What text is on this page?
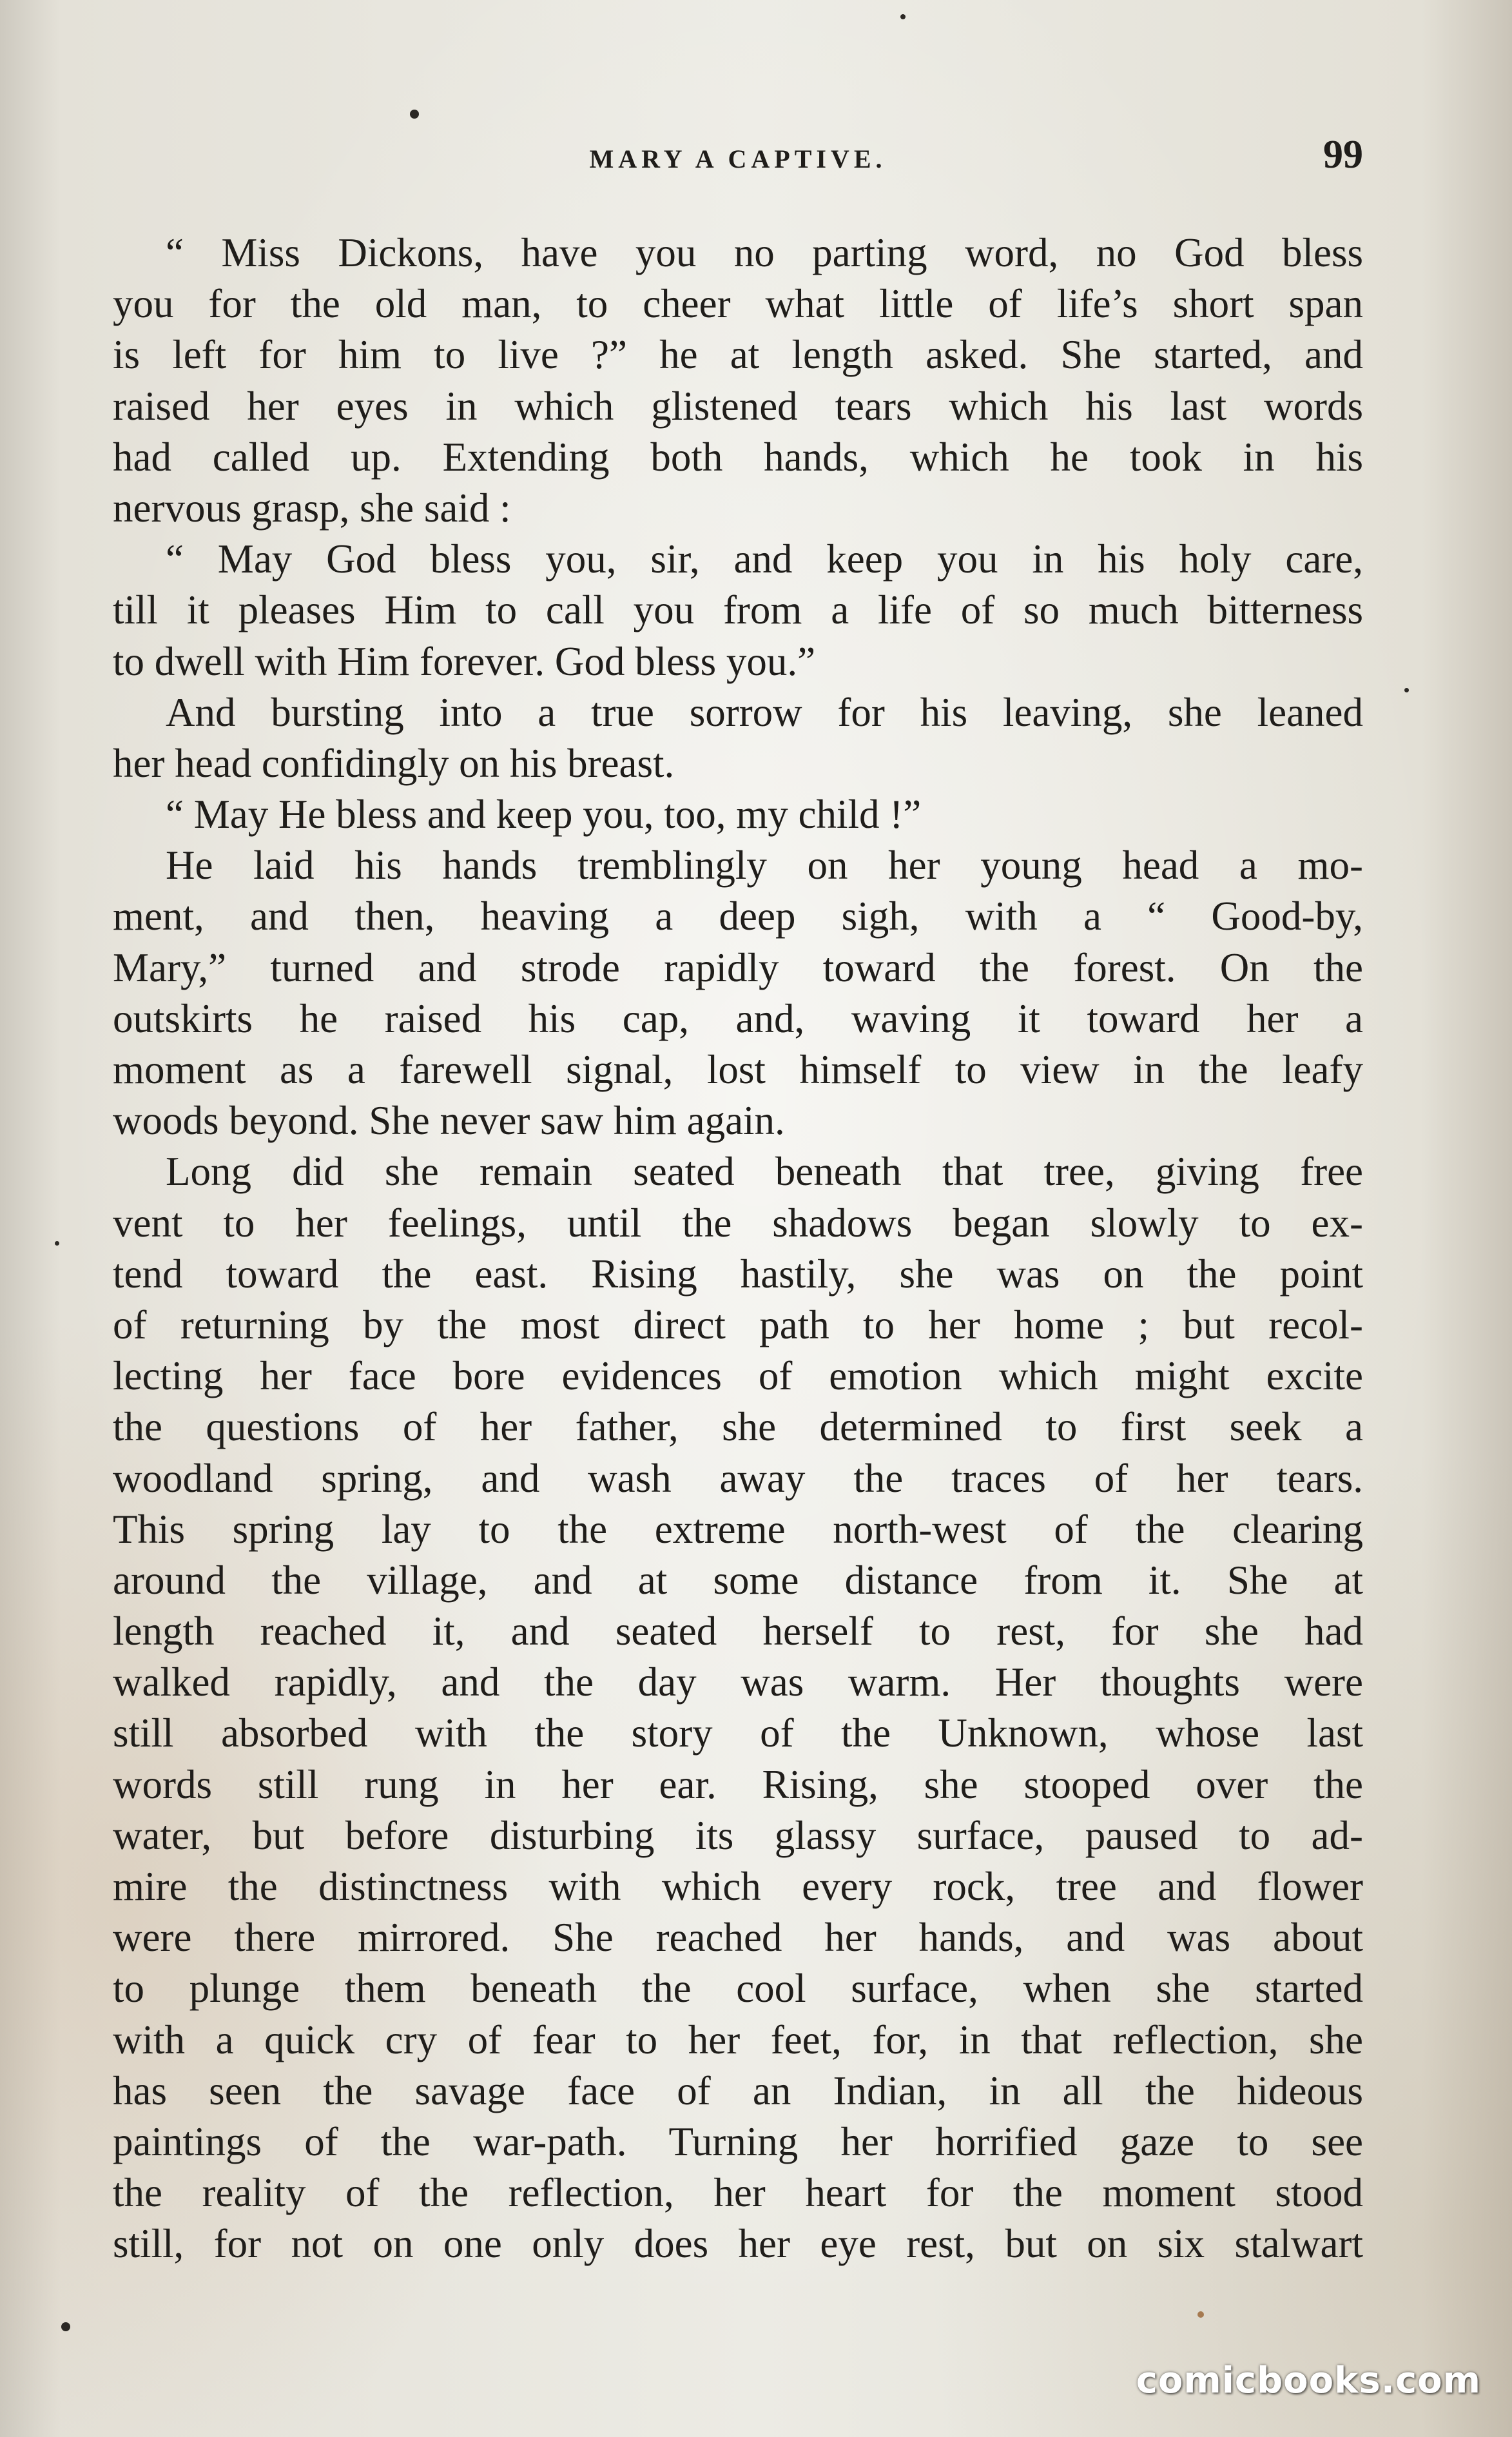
MARY A CAPTIVE.	99
“ Miss Dickons, have you no parting word, no God bless
you for the old man, to cheer what little of life’s short span
is left for him to live ?” he at length asked. She started, and
raised her eyes in which glistened tears which his last words
had called up. Extending both hands, which he took in his
nervous grasp, she said :
“ May God bless you, sir, and keep you in his holy care,
till it pleases Him to call you from a life of so much bitterness
to dwell with Him forever. God bless you.”
And bursting into a true sorrow for his leaving, she leaned
her head confidingly on his breast.
“ May He bless and keep you, too, my child !”
He laid his hands tremblingly on her young head a mo-
ment, and then, heaving a deep sigh, with a “ Good-by,
Mary,” turned and strode rapidly toward the forest. On the
outskirts he raised his cap, and, waving it toward her a
moment as a farewell signal, lost himself to view in the leafy
woods beyond. She never saw him again.
Long did she remain seated beneath that tree, giving free
vent to her feelings, until the shadows began slowly to ex-
tend toward the east. Rising hastily, she was on the point
of returning by the most direct path to her home ; but recol-
lecting her face bore evidences of emotion which might excite
the questions of her father, she determined to first seek a
woodland spring, and wash away the traces of her tears.
This spring lay to the extreme north-west of the clearing
around the village, and at some distance from it. She at
length reached it, and seated herself to rest, for she had
walked rapidly, and the day was warm. Her thoughts were
still absorbed with the story of the Unknown, whose last
words still rung in her ear. Rising, she stooped over the
water, but before disturbing its glassy surface, paused to ad-
mire the distinctness with which every rock, tree and flower
were there mirrored. She reached her hands, and was about
to plunge them beneath the cool surface, when she started
with a quick cry of fear to her feet, for, in that reflection, she
has seen the savage face of an Indian, in all the hideous
paintings of the war-path. Turning her horrified gaze to see
the reality of the reflection, her heart for the moment stood
still, for not on one only does her eye rest, but on six stalwart
comicbooks.com
